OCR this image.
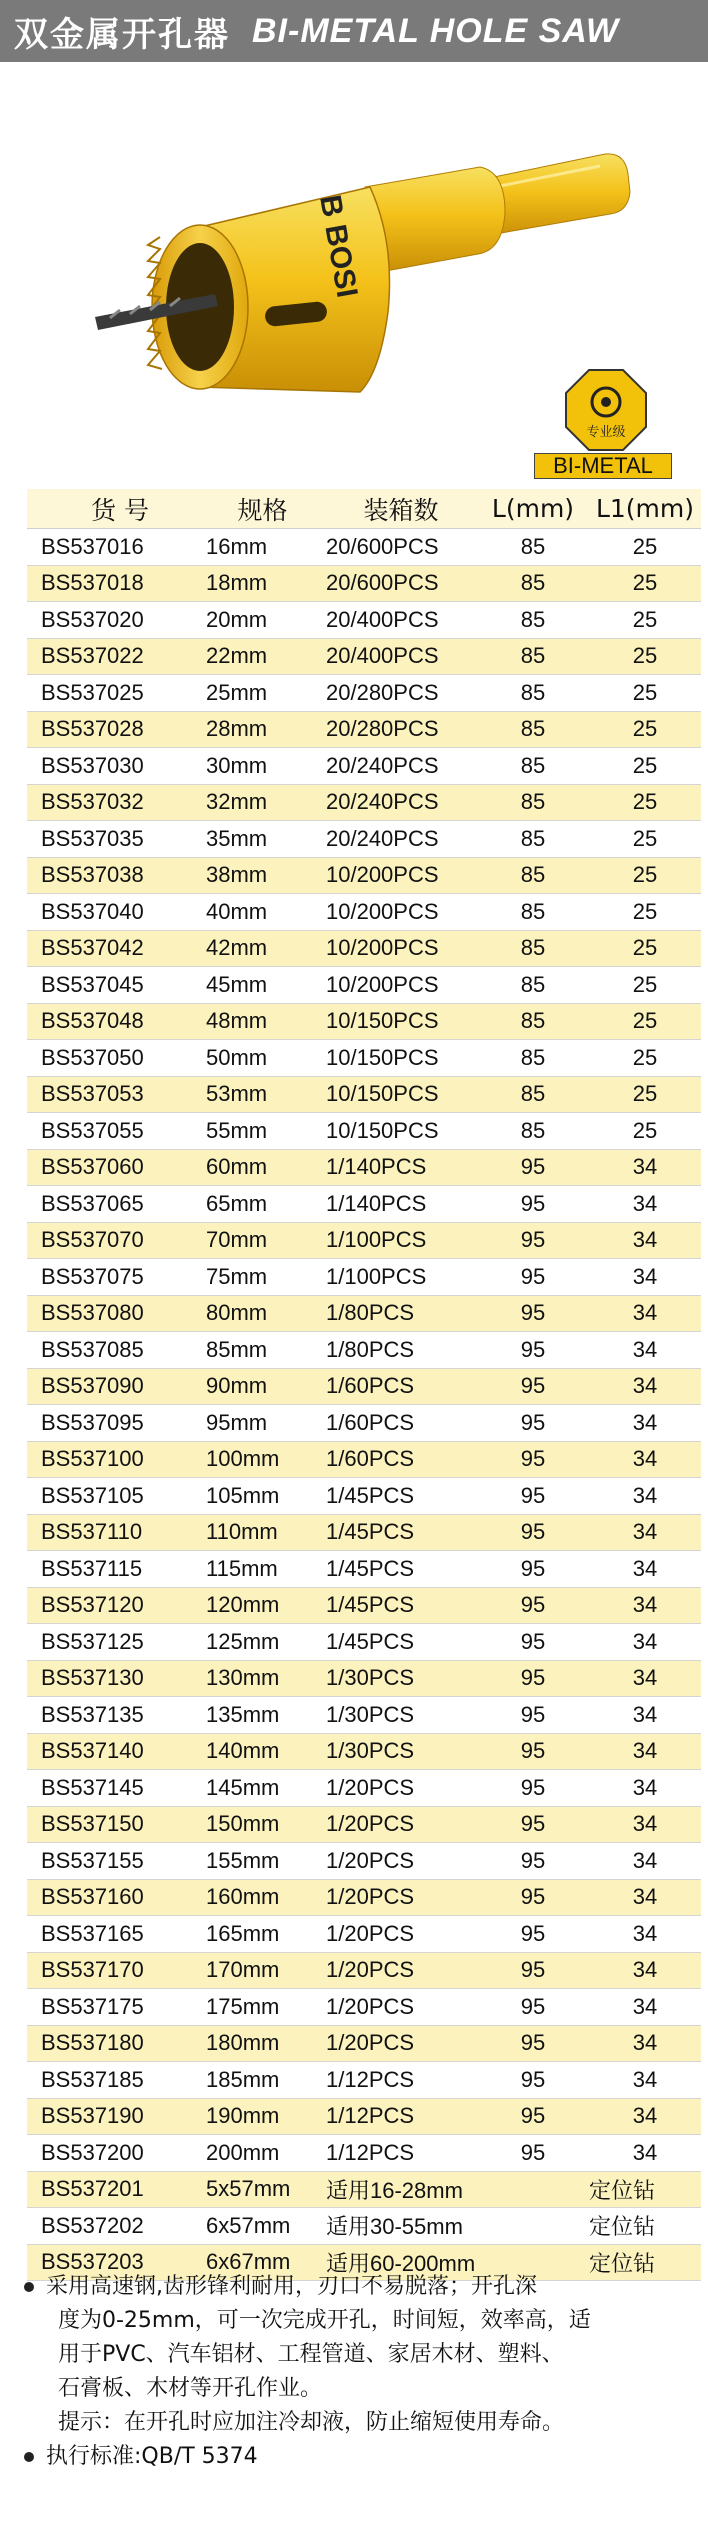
双金属开孔器 BI-METAL HOLE SAW
B BOSI
专业级
BI-METAL
货 号	规格	装箱数	L(mm)	L1(mm)
BS537016	16mm	20/600PCS	85	25
BS537018	18mm	20/600PCS	85	25
BS537020	20mm	20/400PCS	85	25
BS537022	22mm	20/400PCS	85	25
BS537025	25mm	20/280PCS	85	25
BS537028	28mm	20/280PCS	85	25
BS537030	30mm	20/240PCS	85	25
BS537032	32mm	20/240PCS	85	25
BS537035	35mm	20/240PCS	85	25
BS537038	38mm	10/200PCS	85	25
BS537040	40mm	10/200PCS	85	25
BS537042	42mm	10/200PCS	85	25
BS537045	45mm	10/200PCS	85	25
BS537048	48mm	10/150PCS	85	25
BS537050	50mm	10/150PCS	85	25
BS537053	53mm	10/150PCS	85	25
BS537055	55mm	10/150PCS	85	25
BS537060	60mm	1/140PCS	95	34
BS537065	65mm	1/140PCS	95	34
BS537070	70mm	1/100PCS	95	34
BS537075	75mm	1/100PCS	95	34
BS537080	80mm	1/80PCS	95	34
BS537085	85mm	1/80PCS	95	34
BS537090	90mm	1/60PCS	95	34
BS537095	95mm	1/60PCS	95	34
BS537100	100mm	1/60PCS	95	34
BS537105	105mm	1/45PCS	95	34
BS537110	110mm	1/45PCS	95	34
BS537115	115mm	1/45PCS	95	34
BS537120	120mm	1/45PCS	95	34
BS537125	125mm	1/45PCS	95	34
BS537130	130mm	1/30PCS	95	34
BS537135	135mm	1/30PCS	95	34
BS537140	140mm	1/30PCS	95	34
BS537145	145mm	1/20PCS	95	34
BS537150	150mm	1/20PCS	95	34
BS537155	155mm	1/20PCS	95	34
BS537160	160mm	1/20PCS	95	34
BS537165	165mm	1/20PCS	95	34
BS537170	170mm	1/20PCS	95	34
BS537175	175mm	1/20PCS	95	34
BS537180	180mm	1/20PCS	95	34
BS537185	185mm	1/12PCS	95	34
BS537190	190mm	1/12PCS	95	34
BS537200	200mm	1/12PCS	95	34
BS537201	5x57mm	适用16-28mm		定位钻
BS537202	6x57mm	适用30-55mm		定位钻
BS537203	6x67mm	适用60-200mm		定位钻
采用高速钢,齿形锋利耐用，刃口不易脱落；开孔深
度为0-25mm，可一次完成开孔，时间短，效率高，适
用于PVC、汽车铝材、工程管道、家居木材、塑料、
石膏板、木材等开孔作业。
提示：在开孔时应加注冷却液，防止缩短使用寿命。
执行标准:QB/T 5374
